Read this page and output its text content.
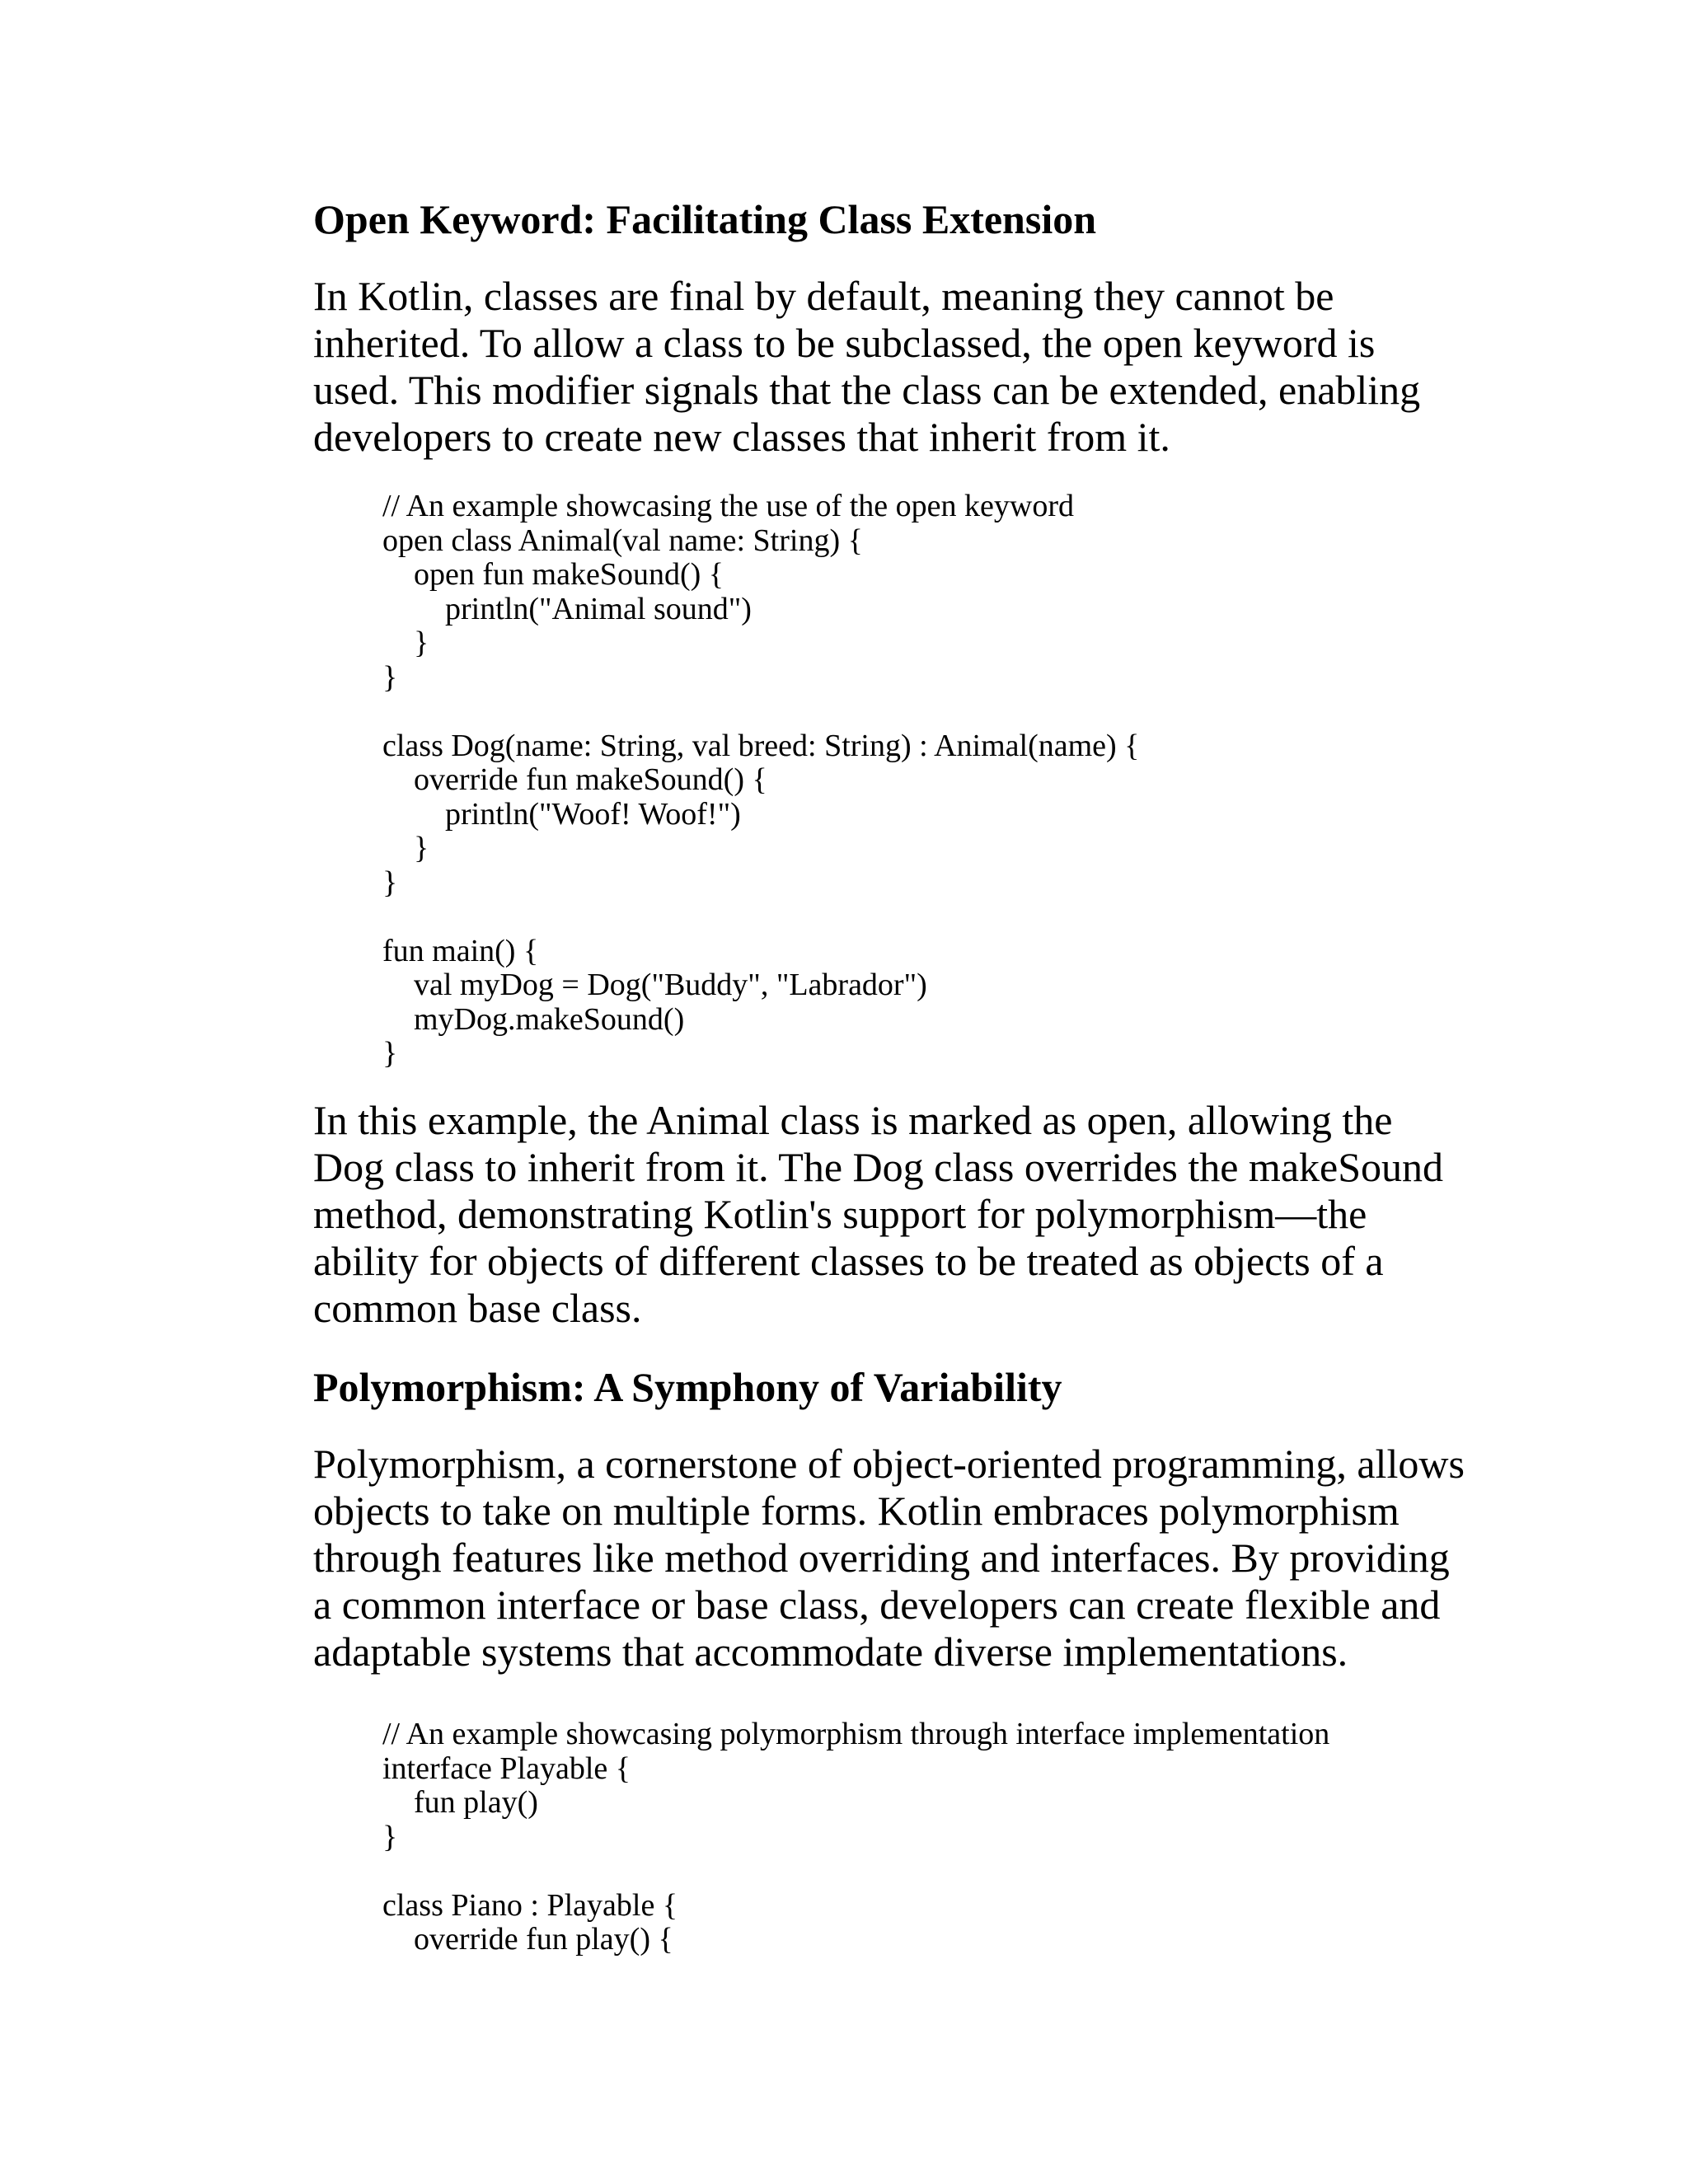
Open Keyword: Facilitating Class Extension

In Kotlin, classes are final by default, meaning they cannot be
inherited. To allow a class to be subclassed, the open keyword is
used. This modifier signals that the class can be extended, enabling
developers to create new classes that inherit from it.

// An example showcasing the use of the open keyword
open class Animal(val name: String) {
open fun makeSound() {
println("Animal sound")
}
}
class Dog(name: String, val breed: String) : Animal(name) {
override fun makeSound() {
println("Woof! Woof!")
}
}
fun main() {
val myDog = Dog("Buddy", "Labrador")
myDog.makeSound()
}

In this example, the Animal class is marked as open, allowing the
Dog class to inherit from it. The Dog class overrides the makeSound
method, demonstrating Kotlin's support for polymorphism—the
ability for objects of different classes to be treated as objects of a
common base class.

Polymorphism: A Symphony of Variability

Polymorphism, a cornerstone of object-oriented programming, allows
objects to take on multiple forms. Kotlin embraces polymorphism
through features like method overriding and interfaces. By providing
a common interface or base class, developers can create flexible and
adaptable systems that accommodate diverse implementations.

// An example showcasing polymorphism through interface implementation
interface Playable {
fun play()
}
class Piano : Playable {
override fun play() {
